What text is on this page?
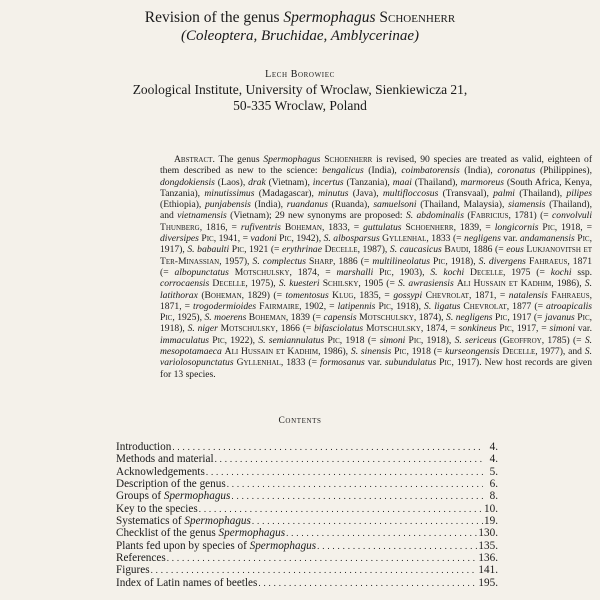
Revision of the genus Spermophagus Schoenherr
(Coleoptera, Bruchidae, Amblycerinae)
Lech Borowiec
Zoological Institute, University of Wroclaw, Sienkiewicza 21,
50-335 Wroclaw, Poland
Abstract. The genus Spermophagus Schoenherr is revised, 90 species are treated as valid, eighteen of them described as new to the science: bengalicus (India), coimbatorensis (India), coronatus (Philippines), dongdokiensis (Laos), drak (Vietnam), incertus (Tanzania), maai (Thailand), marmoreus (South Africa, Kenya, Tanzania), minutissimus (Madagascar), minutus (Java), multifloccosus (Transvaal), palmi (Thailand), pilipes (Ethiopia), punjabensis (India), ruandanus (Ruanda), samuelsoni (Thailand, Malaysia), siamensis (Thailand), and vietnamensis (Vietnam); 29 new synonyms are proposed: S. abdominalis (Fabricius, 1781) (= convolvuli Thunberg, 1816, = rufiventris Boheman, 1833, = guttulatus Schoenherr, 1839, = longicornis Pic, 1918, = diversipes Pic, 1941, = vadoni Pic, 1942), S. albosparsus Gyllenhal, 1833 (= negligens var. andamanensis Pic, 1917), S. babaulti Pic, 1921 (= erythrinae Decelle, 1987), S. caucasicus Baudi, 1886 (= eous Lukjanovitsh et Ter-Minassian, 1957), S. complectus Sharp, 1886 (= multilineolatus Pic, 1918), S. divergens Fahraeus, 1871 (= albopunctatus Motschulsky, 1874, = marshalli Pic, 1903), S. kochi Decelle, 1975 (= kochi ssp. corrocaensis Decelle, 1975), S. kuesteri Schilsky, 1905 (= S. awrasiensis Ali Hussain et Kadhim, 1986), S. latithorax (Boheman, 1829) (= tomentosus Klug, 1835, = gossypi Chevrolat, 1871, = natalensis Fahraeus, 1871, = trogodermioides Fairmaire, 1902, = latipennis Pic, 1918), S. ligatus Chevrolat, 1877 (= atroapicalis Pic, 1925), S. moerens Boheman, 1839 (= capensis Motschulsky, 1874), S. negligens Pic, 1917 (= javanus Pic, 1918), S. niger Motschulsky, 1866 (= bifasciolatus Motschulsky, 1874, = sonkineus Pic, 1917, = simoni var. immaculatus Pic, 1922), S. semiannulatus Pic, 1918 (= simoni Pic, 1918), S. sericeus (Geoffroy, 1785) (= S. mesopotamaeca Ali Hussain et Kadhim, 1986), S. sinensis Pic, 1918 (= kurseongensis Decelle, 1977), and S. variolosopunctatus Gyllenhal, 1833 (= formosanus var. subundulatus Pic, 1917). New host records are given for 13 species.
Contents
Introduction . . .	4.
Methods and material . . .	4.
Acknowledgements . . .	5.
Description of the genus . . .	6.
Groups of Spermophagus . . .	8.
Key to the species . . .	10.
Systematics of Spermophagus . . .	19.
Checklist of the genus Spermophagus . . .	130.
Plants fed upon by species of Spermophagus . . .	135.
References . . .	136.
Figures . . .	141.
Index of Latin names of beetles . . .	195.
